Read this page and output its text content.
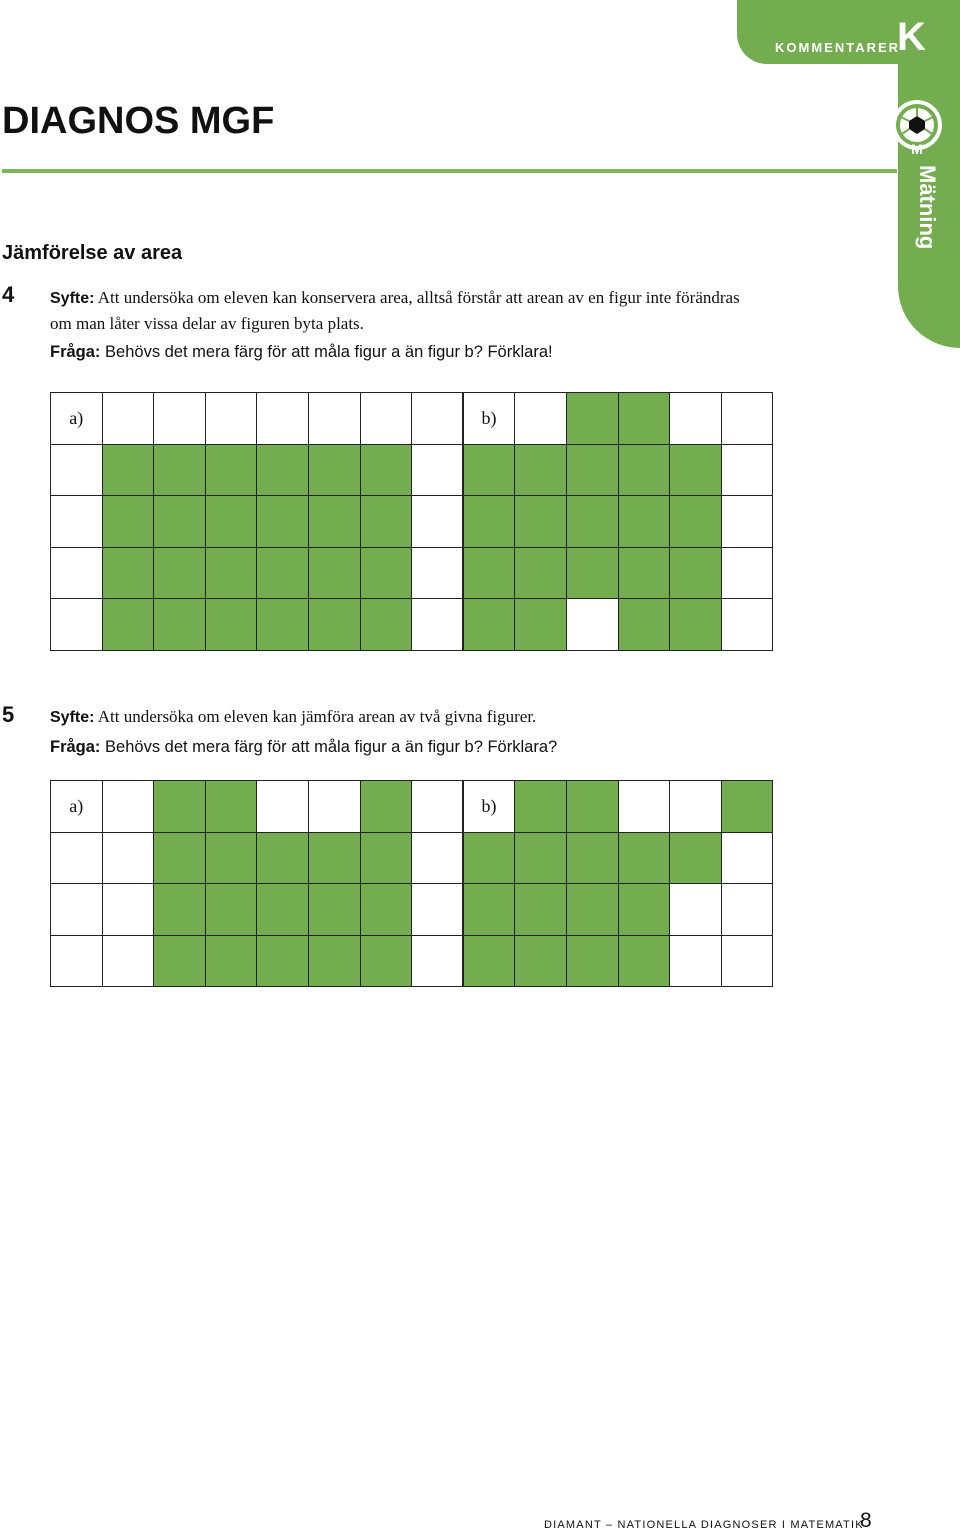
KOMMENTARER
K
Mätning
M
DIAGNOS MGF
Jämförelse av area
4 Syfte: Att undersöka om eleven kan konservera area, alltså förstår att arean av en figur inte förändras om man låter vissa delar av figuren byta plats.

Fråga: Behövs det mera färg för att måla figur a än figur b? Förklara!

a)								b)					

5 Syfte: Att undersöka om eleven kan jämföra arean av två givna figurer.

Fråga: Behövs det mera färg för att måla figur a än figur b? Förklara?

a)								b)					

DIAMANT – NATIONELLA DIAGNOSER I MATEMATIK
8
